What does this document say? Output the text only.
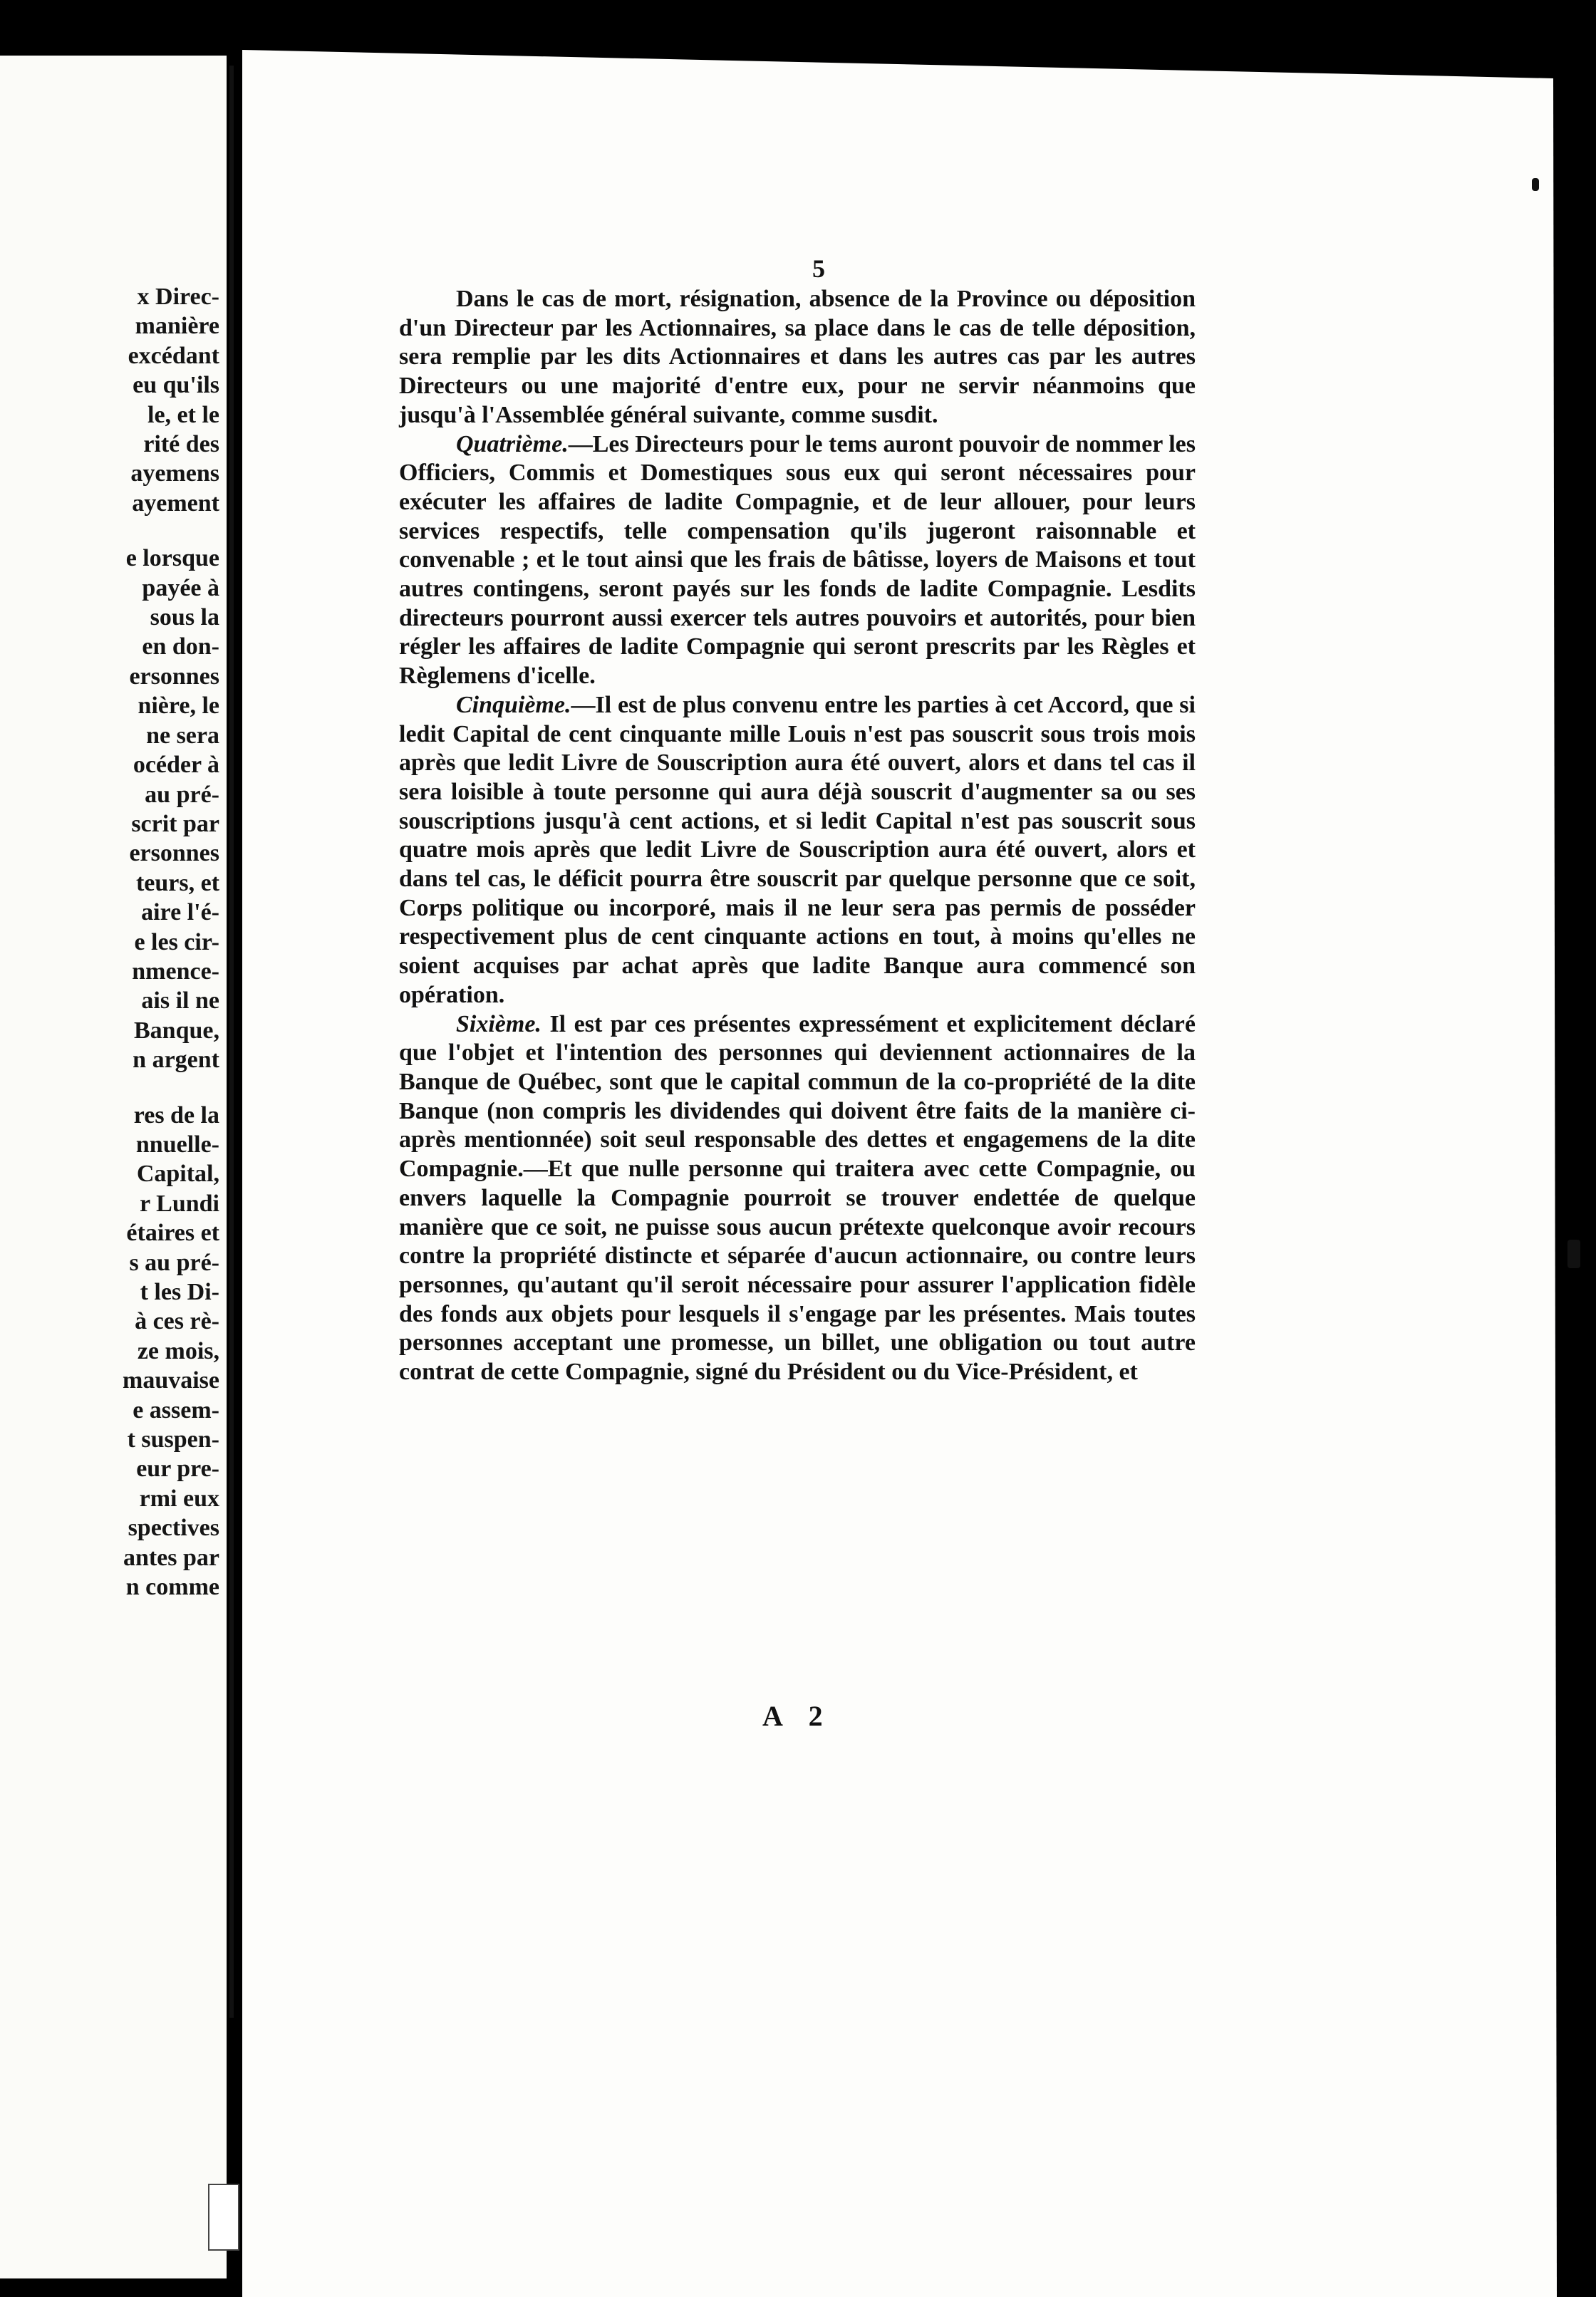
x Direc-
manière
excédant
eu qu'ils
le, et le
rité des
ayemens
ayement
e lorsque
payée à
sous la
en don-
ersonnes
nière, le
ne sera
océder à
au pré-
scrit par
ersonnes
teurs, et
aire l'é-
e les cir-
nmence-
ais il ne
Banque,
n argent
res de la
nnuelle-
Capital,
r Lundi
étaires et
s au pré-
t les Di-
à ces rè-
ze mois,
mauvaise
e assem-
t suspen-
eur pre-
rmi eux
spectives
antes par
n comme
5

Dans le cas de mort, résignation, absence de la Province ou déposition d'un Directeur par les Actionnaires, sa place dans le cas de telle déposition, sera remplie par les dits Actionnaires et dans les autres cas par les autres Directeurs ou une majorité d'entre eux, pour ne servir néanmoins que jusqu'à l'Assemblée général suivante, comme susdit.

Quatrième.—Les Directeurs pour le tems auront pouvoir de nommer les Officiers, Commis et Domestiques sous eux qui seront nécessaires pour exécuter les affaires de ladite Compagnie, et de leur allouer, pour leurs services respectifs, telle compensation qu'ils jugeront raisonnable et convenable ; et le tout ainsi que les frais de bâtisse, loyers de Maisons et tout autres contingens, seront payés sur les fonds de ladite Compagnie. Lesdits directeurs pourront aussi exercer tels autres pouvoirs et autorités, pour bien régler les affaires de ladite Compagnie qui seront prescrits par les Règles et Règlemens d'icelle.

Cinquième.—Il est de plus convenu entre les parties à cet Accord, que si ledit Capital de cent cinquante mille Louis n'est pas souscrit sous trois mois après que ledit Livre de Souscription aura été ouvert, alors et dans tel cas il sera loisible à toute personne qui aura déjà souscrit d'augmenter sa ou ses souscriptions jusqu'à cent actions, et si ledit Capital n'est pas souscrit sous quatre mois après que ledit Livre de Souscription aura été ouvert, alors et dans tel cas, le déficit pourra être souscrit par quelque personne que ce soit, Corps politique ou incorporé, mais il ne leur sera pas permis de posséder respectivement plus de cent cinquante actions en tout, à moins qu'elles ne soient acquises par achat après que ladite Banque aura commencé son opération.

Sixième. Il est par ces présentes expressément et explicitement déclaré que l'objet et l'intention des personnes qui deviennent actionnaires de la Banque de Québec, sont que le capital commun de la co-propriété de la dite Banque (non compris les dividendes qui doivent être faits de la manière ci-après mentionnée) soit seul responsable des dettes et engagemens de la dite Compagnie.—Et que nulle personne qui traitera avec cette Compagnie, ou envers laquelle la Compagnie pourroit se trouver endettée de quelque manière que ce soit, ne puisse sous aucun prétexte quelconque avoir recours contre la propriété distincte et séparée d'aucun actionnaire, ou contre leurs personnes, qu'autant qu'il seroit nécessaire pour assurer l'application fidèle des fonds aux objets pour lesquels il s'engage par les présentes. Mais toutes personnes acceptant une promesse, un billet, une obligation ou tout autre contrat de cette Compagnie, signé du Président ou du Vice-Président, et

A 2
